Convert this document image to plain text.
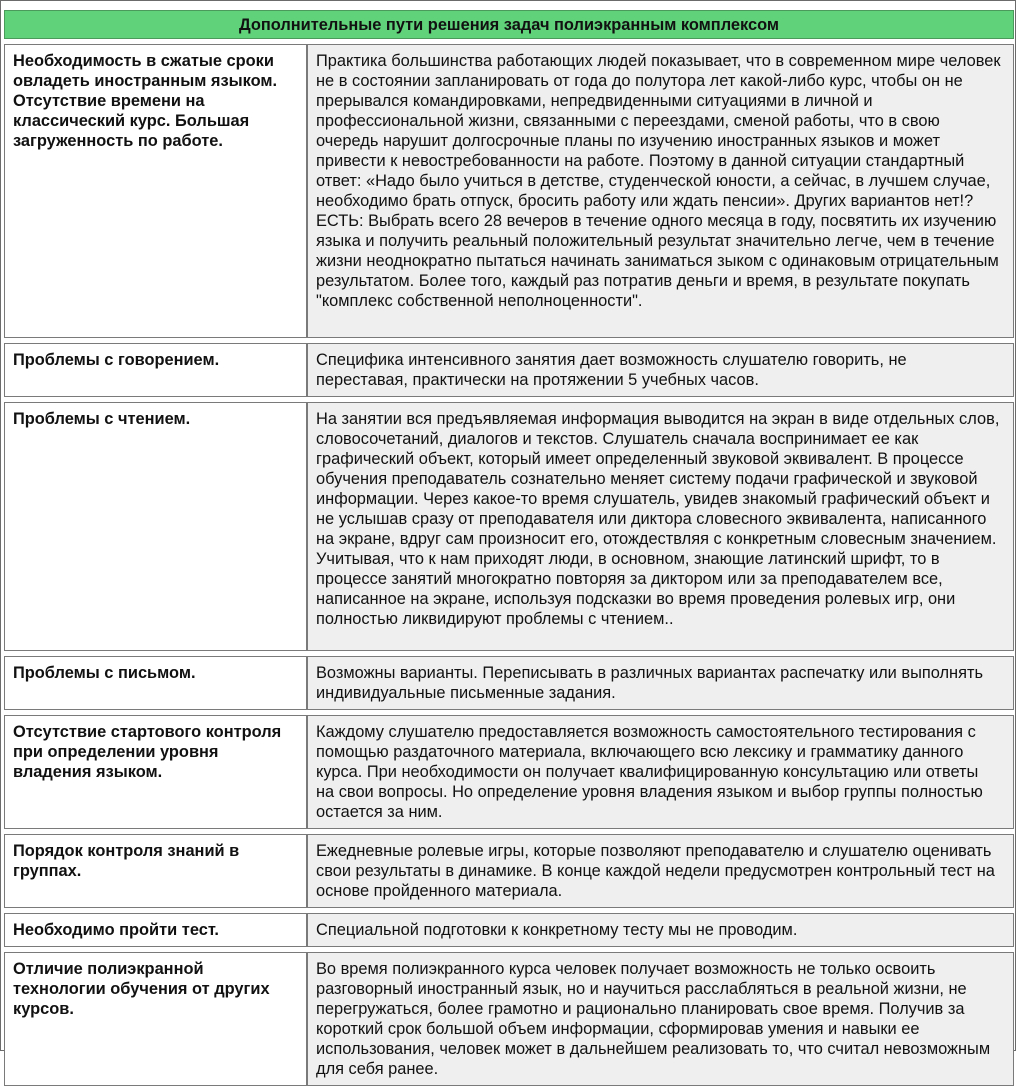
Дополнительные пути решения задач полиэкранным комплексом	
Необходимость в сжатые сроки овладеть иностранным языком. Отсутствие времени на классический курс. Большая загруженность по работе.	Практика большинства работающих людей показывает, что в современном мире человек не в состоянии запланировать от года до полутора лет какой-либо курс, чтобы он не прерывался командировками, непредвиденными ситуациями в личной и профессиональной жизни, связанными с переездами, сменой работы, что в свою очередь нарушит долгосрочные планы по изучению иностранных языков и может привести к невостребованности на работе. Поэтому в данной ситуации стандартный ответ: «Надо было учиться в детстве, студенческой юности, а сейчас, в лучшем случае, необходимо брать отпуск, бросить работу или ждать пенсии». Других вариантов нет!? ЕСТЬ: Выбрать всего 28 вечеров в течение одного месяца в году, посвятить их изучению языка и получить реальный положительный результат значительно легче, чем в течение жизни неоднократно пытаться начинать заниматься зыком с одинаковым отрицательным результатом. Более того, каждый раз потратив деньги и время, в результате покупать "комплекс собственной неполноценности".
Проблемы с говорением.	Специфика интенсивного занятия дает возможность слушателю говорить, не переставая, практически на протяжении 5 учебных часов.
Проблемы с чтением.	На занятии вся предъявляемая информация выводится на экран в виде отдельных слов, словосочетаний, диалогов и текстов. Слушатель сначала воспринимает ее как графический объект, который имеет определенный звуковой эквивалент. В процессе обучения преподаватель сознательно меняет систему подачи графической и звуковой информации. Через какое-то время слушатель, увидев знакомый графический объект и не услышав сразу от преподавателя или диктора словесного эквивалента, написанного на экране, вдруг сам произносит его, отождествляя с конкретным словесным значением. Учитывая, что к нам приходят люди, в основном, знающие латинский шрифт, то в процессе занятий многократно повторяя за диктором или за преподавателем все, написанное на экране, используя подсказки во время проведения ролевых игр, они полностью ликвидируют проблемы с чтением..
Проблемы с письмом.	Возможны варианты. Переписывать в различных вариантах распечатку или выполнять индивидуальные письменные задания.
Отсутствие стартового контроля при определении уровня владения языком.	Каждому слушателю предоставляется возможность самостоятельного тестирования с помощью раздаточного материала, включающего всю лексику и грамматику данного курса. При необходимости он получает квалифицированную консультацию или ответы на свои вопросы. Но определение уровня владения языком и выбор группы полностью остается за ним.
Порядок контроля знаний в группах.	Ежедневные ролевые игры, которые позволяют преподавателю и слушателю оценивать свои результаты в динамике. В конце каждой недели предусмотрен контрольный тест на основе пройденного материала.
Необходимо пройти тест.	Специальной подготовки к конкретному тесту мы не проводим.
Отличие полиэкранной технологии обучения от других курсов.	Во время полиэкранного курса человек получает возможность не только освоить разговорный иностранный язык, но и научиться расслабляться в реальной жизни, не перегружаться, более грамотно и рационально планировать свое время. Получив за короткий срок большой объем информации, сформировав умения и навыки ее использования, человек может в дальнейшем реализовать то, что считал невозможным для себя ранее.
